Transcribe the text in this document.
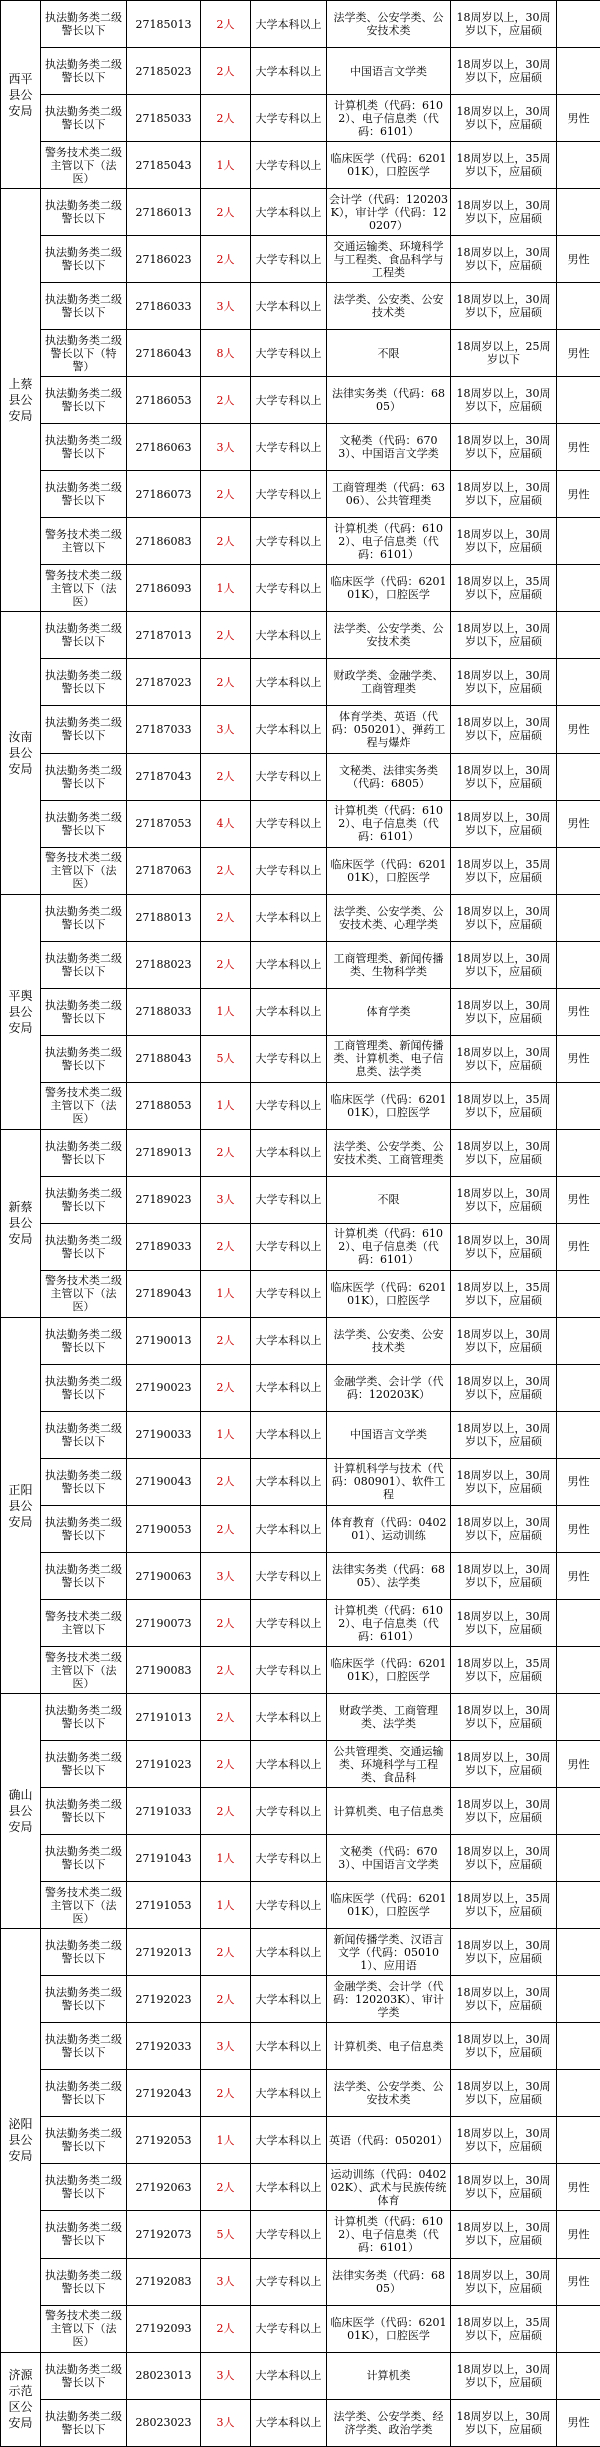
西平县公安局	执法勤务类二级警长以下	27185013	2人	大学本科以上	法学类、公安学类、公安技术类	18周岁以上，30周岁以下，应届硕	
	执法勤务类二级警长以下	27185023	2人	大学本科以上	中国语言文学类	18周岁以上，30周岁以下，应届硕	
	执法勤务类二级警长以下	27185033	2人	大学专科以上	计算机类（代码：6102）、电子信息类（代码：6101）	18周岁以上，30周岁以下，应届硕	男性
	警务技术类二级主管以下（法医）	27185043	1人	大学专科以上	临床医学（代码：620101K），口腔医学	18周岁以上，35周岁以下，应届硕	
上蔡县公安局	执法勤务类二级警长以下	27186013	2人	大学本科以上	会计学（代码：120203K），审计学（代码：120207）	18周岁以上，30周岁以下，应届硕	
	执法勤务类二级警长以下	27186023	2人	大学专科以上	交通运输类、环境科学与工程类、食品科学与工程类	18周岁以上，30周岁以下，应届硕	男性
	执法勤务类二级警长以下	27186033	3人	大学本科以上	法学类、公安类、公安技术类	18周岁以上，30周岁以下，应届硕	
	执法勤务类二级警长以下（特警）	27186043	8人	大学专科以上	不限	18周岁以上，25周岁以下	男性
	执法勤务类二级警长以下	27186053	2人	大学专科以上	法律实务类（代码：6805）	18周岁以上，30周岁以下，应届硕	
	执法勤务类二级警长以下	27186063	3人	大学专科以上	文秘类（代码：6703）、中国语言文学类	18周岁以上，30周岁以下，应届硕	男性
	执法勤务类二级警长以下	27186073	2人	大学专科以上	工商管理类（代码：6306）、公共管理类	18周岁以上，30周岁以下，应届硕	男性
	警务技术类二级主管以下	27186083	2人	大学专科以上	计算机类（代码：6102）、电子信息类（代码：6101）	18周岁以上，30周岁以下，应届硕	
	警务技术类二级主管以下（法医）	27186093	1人	大学专科以上	临床医学（代码：620101K），口腔医学	18周岁以上，35周岁以下，应届硕	
汝南县公安局	执法勤务类二级警长以下	27187013	2人	大学本科以上	法学类、公安学类、公安技术类	18周岁以上，30周岁以下，应届硕	
	执法勤务类二级警长以下	27187023	2人	大学本科以上	财政学类、金融学类、工商管理类	18周岁以上，30周岁以下，应届硕	
	执法勤务类二级警长以下	27187033	3人	大学本科以上	体育学类、英语（代码：050201）、弹药工程与爆炸	18周岁以上，30周岁以下，应届硕	男性
	执法勤务类二级警长以下	27187043	2人	大学专科以上	文秘类、法律实务类（代码：6805）	18周岁以上，30周岁以下，应届硕	
	执法勤务类二级警长以下	27187053	4人	大学专科以上	计算机类（代码：6102）、电子信息类（代码：6101）	18周岁以上，30周岁以下，应届硕	男性
	警务技术类二级主管以下（法医）	27187063	2人	大学专科以上	临床医学（代码：620101K），口腔医学	18周岁以上，35周岁以下，应届硕	
平舆县公安局	执法勤务类二级警长以下	27188013	2人	大学本科以上	法学类、公安学类、公安技术类、心理学类	18周岁以上，30周岁以下，应届硕	
	执法勤务类二级警长以下	27188023	2人	大学本科以上	工商管理类、新闻传播类、生物科学类	18周岁以上，30周岁以下，应届硕	
	执法勤务类二级警长以下	27188033	1人	大学本科以上	体育学类	18周岁以上，30周岁以下，应届硕	男性
	执法勤务类二级警长以下	27188043	5人	大学专科以上	工商管理类、新闻传播类、计算机类、电子信息类、法学类	18周岁以上，30周岁以下，应届硕	男性
	警务技术类二级主管以下（法医）	27188053	1人	大学专科以上	临床医学（代码：620101K），口腔医学	18周岁以上，35周岁以下，应届硕	
新蔡县公安局	执法勤务类二级警长以下	27189013	2人	大学本科以上	法学类、公安学类、公安技术类、工商管理类	18周岁以上，30周岁以下，应届硕	
	执法勤务类二级警长以下	27189023	3人	大学专科以上	不限	18周岁以上，30周岁以下，应届硕	男性
	执法勤务类二级警长以下	27189033	2人	大学专科以上	计算机类（代码：6102）、电子信息类（代码：6101）	18周岁以上，30周岁以下，应届硕	男性
	警务技术类二级主管以下（法医）	27189043	1人	大学专科以上	临床医学（代码：620101K），口腔医学	18周岁以上，35周岁以下，应届硕	
正阳县公安局	执法勤务类二级警长以下	27190013	2人	大学本科以上	法学类、公安类、公安技术类	18周岁以上，30周岁以下，应届硕	
	执法勤务类二级警长以下	27190023	2人	大学本科以上	金融学类、会计学（代码：120203K）	18周岁以上，30周岁以下，应届硕	
	执法勤务类二级警长以下	27190033	1人	大学本科以上	中国语言文学类	18周岁以上，30周岁以下，应届硕	
	执法勤务类二级警长以下	27190043	2人	大学本科以上	计算机科学与技术（代码：080901）、软件工程	18周岁以上，30周岁以下，应届硕	男性
	执法勤务类二级警长以下	27190053	2人	大学本科以上	体育教育（代码：040201）、运动训练	18周岁以上，30周岁以下，应届硕	男性
	执法勤务类二级警长以下	27190063	3人	大学专科以上	法律实务类（代码：6805）、法学类	18周岁以上，30周岁以下，应届硕	男性
	警务技术类二级主管以下	27190073	2人	大学专科以上	计算机类（代码：6102）、电子信息类（代码：6101）	18周岁以上，30周岁以下，应届硕	
	警务技术类二级主管以下（法医）	27190083	2人	大学专科以上	临床医学（代码：620101K），口腔医学	18周岁以上，35周岁以下，应届硕	
确山县公安局	执法勤务类二级警长以下	27191013	2人	大学本科以上	财政学类、工商管理类、法学类	18周岁以上，30周岁以下，应届硕	
	执法勤务类二级警长以下	27191023	2人	大学本科以上	公共管理类、交通运输类、环境科学与工程类、食品科	18周岁以上，30周岁以下，应届硕	男性
	执法勤务类二级警长以下	27191033	2人	大学专科以上	计算机类、电子信息类	18周岁以上，30周岁以下，应届硕	
	执法勤务类二级警长以下	27191043	1人	大学专科以上	文秘类（代码：6703）、中国语言文学类	18周岁以上，30周岁以下，应届硕	
	警务技术类二级主管以下（法医）	27191053	1人	大学专科以上	临床医学（代码：620101K），口腔医学	18周岁以上，35周岁以下，应届硕	
泌阳县公安局	执法勤务类二级警长以下	27192013	2人	大学本科以上	新闻传播学类、汉语言文学（代码：050101）、应用语	18周岁以上，30周岁以下，应届硕	
	执法勤务类二级警长以下	27192023	2人	大学本科以上	金融学类、会计学（代码：120203K）、审计学类	18周岁以上，30周岁以下，应届硕	
	执法勤务类二级警长以下	27192033	3人	大学本科以上	计算机类、电子信息类	18周岁以上，30周岁以下，应届硕	
	执法勤务类二级警长以下	27192043	2人	大学本科以上	法学类、公安学类、公安技术类	18周岁以上，30周岁以下，应届硕	
	执法勤务类二级警长以下	27192053	1人	大学本科以上	英语（代码：050201）	18周岁以上，30周岁以下，应届硕	
	执法勤务类二级警长以下	27192063	2人	大学本科以上	运动训练（代码：040202K）、武术与民族传统体育	18周岁以上，30周岁以下，应届硕	男性
	执法勤务类二级警长以下	27192073	5人	大学专科以上	计算机类（代码：6102）、电子信息类（代码：6101）	18周岁以上，30周岁以下，应届硕	男性
	执法勤务类二级警长以下	27192083	3人	大学专科以上	法律实务类（代码：6805）	18周岁以上，30周岁以下，应届硕	男性
	警务技术类二级主管以下（法医）	27192093	2人	大学专科以上	临床医学（代码：620101K），口腔医学	18周岁以上，35周岁以下，应届硕	
济源示范区公安局	执法勤务类二级警长以下	28023013	3人	大学本科以上	计算机类	18周岁以上，30周岁以下，应届硕	
	执法勤务类二级警长以下	28023023	3人	大学本科以上	法学类、公安学类、经济学类、政治学类	18周岁以上，30周岁以下，应届硕	男性
